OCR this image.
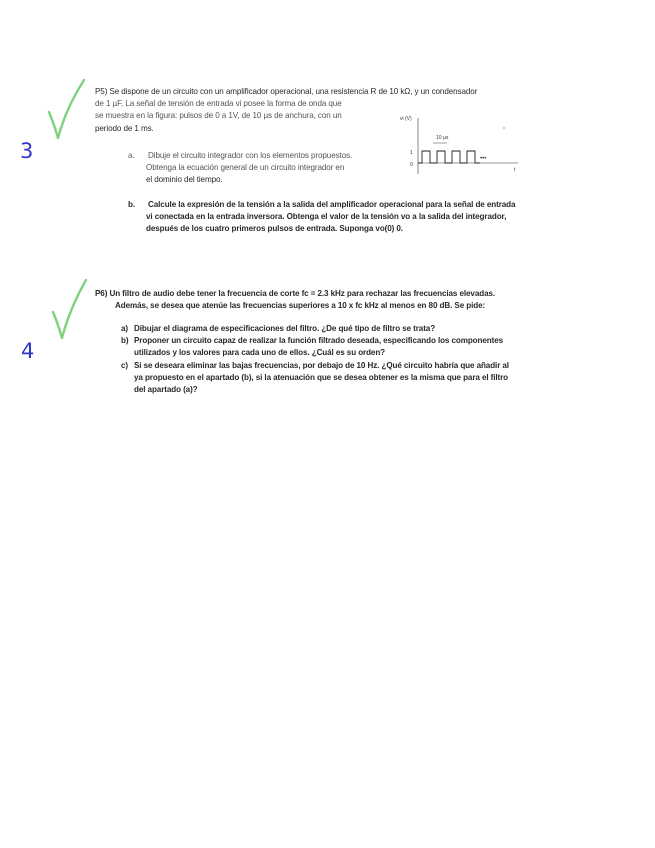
3
4
P5) Se dispone de un circuito con un amplificador operacional, una resistencia R de 10 kΩ, y un condensador
de 1 µF. La señal de tensión de entrada vi posee la forma de onda que
se muestra en la figura: pulsos de 0 a 1V, de 10 µs de anchura, con un
periodo de 1 ms.
a. Dibuje el circuito integrador con los elementos propuestos.
Obtenga la ecuación general de un circuito integrador en
el dominio del tiempo.
b. Calcule la expresión de la tensión a la salida del amplificador operacional para la señal de entrada
vi conectada en la entrada inversora. Obtenga el valor de la tensión vo a la salida del integrador,
después de los cuatro primeros pulsos de entrada. Suponga vo(0) 0.
vi (V)
1
0
10 µs
•••
t
P6) Un filtro de audio debe tener la frecuencia de corte fc = 2.3 kHz para rechazar las frecuencias elevadas.
Además, se desea que atenúe las frecuencias superiores a 10 x fc kHz al menos en 80 dB. Se pide:
a) Dibujar el diagrama de especificaciones del filtro. ¿De qué tipo de filtro se trata?
b) Proponer un circuito capaz de realizar la función filtrado deseada, especificando los componentes
utilizados y los valores para cada uno de ellos. ¿Cuál es su orden?
c) Si se deseara eliminar las bajas frecuencias, por debajo de 10 Hz. ¿Qué circuito habría que añadir al
ya propuesto en el apartado (b), si la atenuación que se desea obtener es la misma que para el filtro
del apartado (a)?
